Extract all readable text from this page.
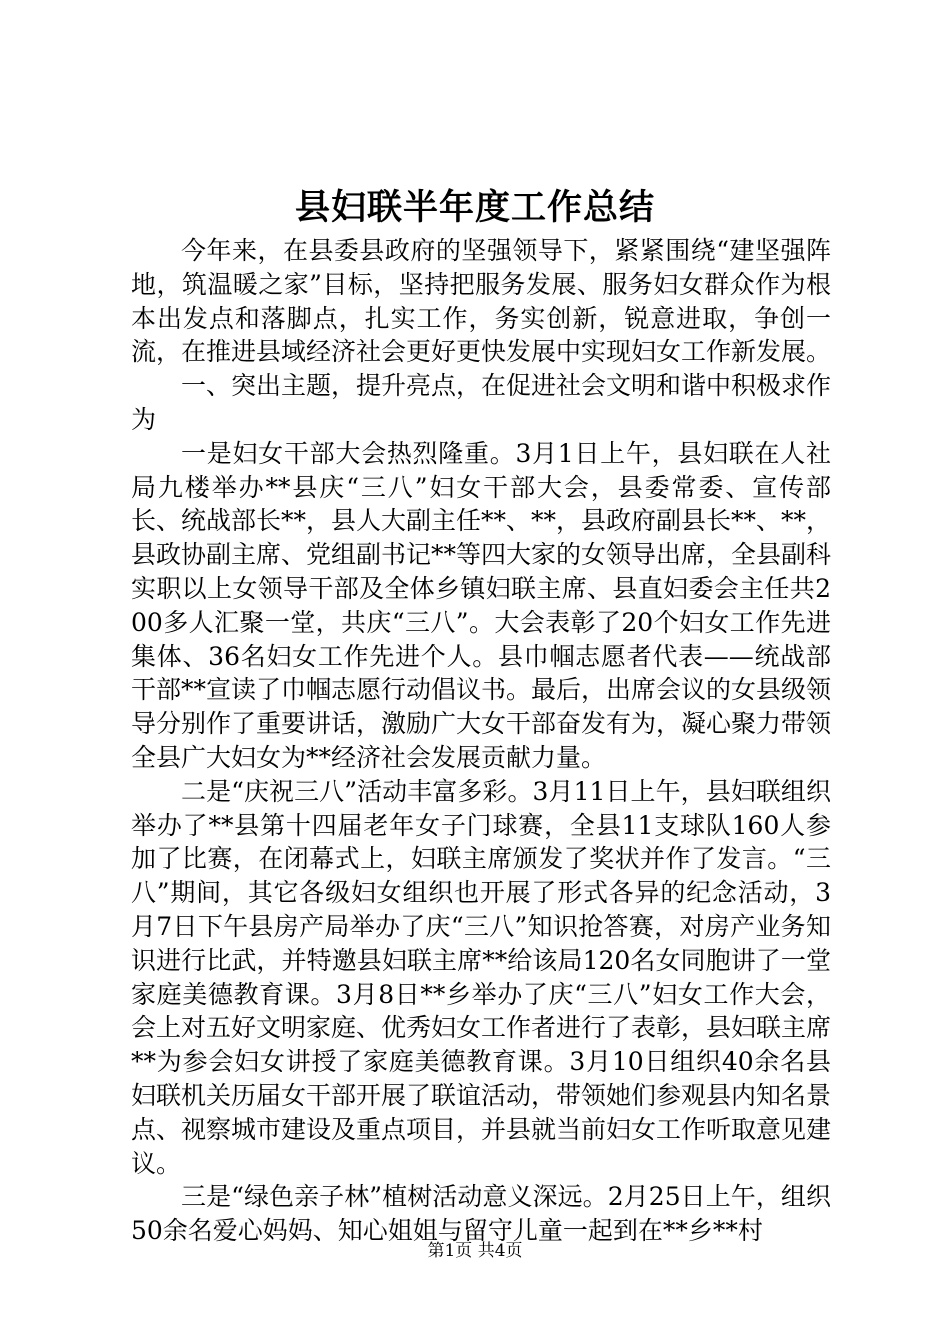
县妇联半年度工作总结

今年来，在县委县政府的坚强领导下，紧紧围绕“建坚强阵地，筑温暖之家”目标，坚持把服务发展、服务妇女群众作为根本出发点和落脚点，扎实工作，务实创新，锐意进取，争创一流，在推进县域经济社会更好更快发展中实现妇女工作新发展。

一、突出主题，提升亮点，在促进社会文明和谐中积极求作为

一是妇女干部大会热烈隆重。3月1日上午，县妇联在人社局九楼举办**县庆“三八”妇女干部大会，县委常委、宣传部长、统战部长**，县人大副主任**、**，县政府副县长**、**，县政协副主席、党组副书记**等四大家的女领导出席，全县副科实职以上女领导干部及全体乡镇妇联主席、县直妇委会主任共200多人汇聚一堂，共庆“三八”。大会表彰了20个妇女工作先进集体、36名妇女工作先进个人。县巾帼志愿者代表——统战部干部**宣读了巾帼志愿行动倡议书。最后，出席会议的女县级领导分别作了重要讲话，激励广大女干部奋发有为，凝心聚力带领全县广大妇女为**经济社会发展贡献力量。

二是“庆祝三八”活动丰富多彩。3月11日上午，县妇联组织举办了**县第十四届老年女子门球赛，全县11支球队160人参加了比赛，在闭幕式上，妇联主席颁发了奖状并作了发言。“三八”期间，其它各级妇女组织也开展了形式各异的纪念活动，3月7日下午县房产局举办了庆“三八”知识抢答赛，对房产业务知识进行比武，并特邀县妇联主席**给该局120名女同胞讲了一堂家庭美德教育课。3月8日**乡举办了庆“三八”妇女工作大会，会上对五好文明家庭、优秀妇女工作者进行了表彰，县妇联主席**为参会妇女讲授了家庭美德教育课。3月10日组织40余名县妇联机关历届女干部开展了联谊活动，带领她们参观县内知名景点、视察城市建设及重点项目，并县就当前妇女工作听取意见建议。

三是“绿色亲子林”植树活动意义深远。2月25日上午，组织50余名爱心妈妈、知心姐姐与留守儿童一起到在**乡**村

第1页 共4页
